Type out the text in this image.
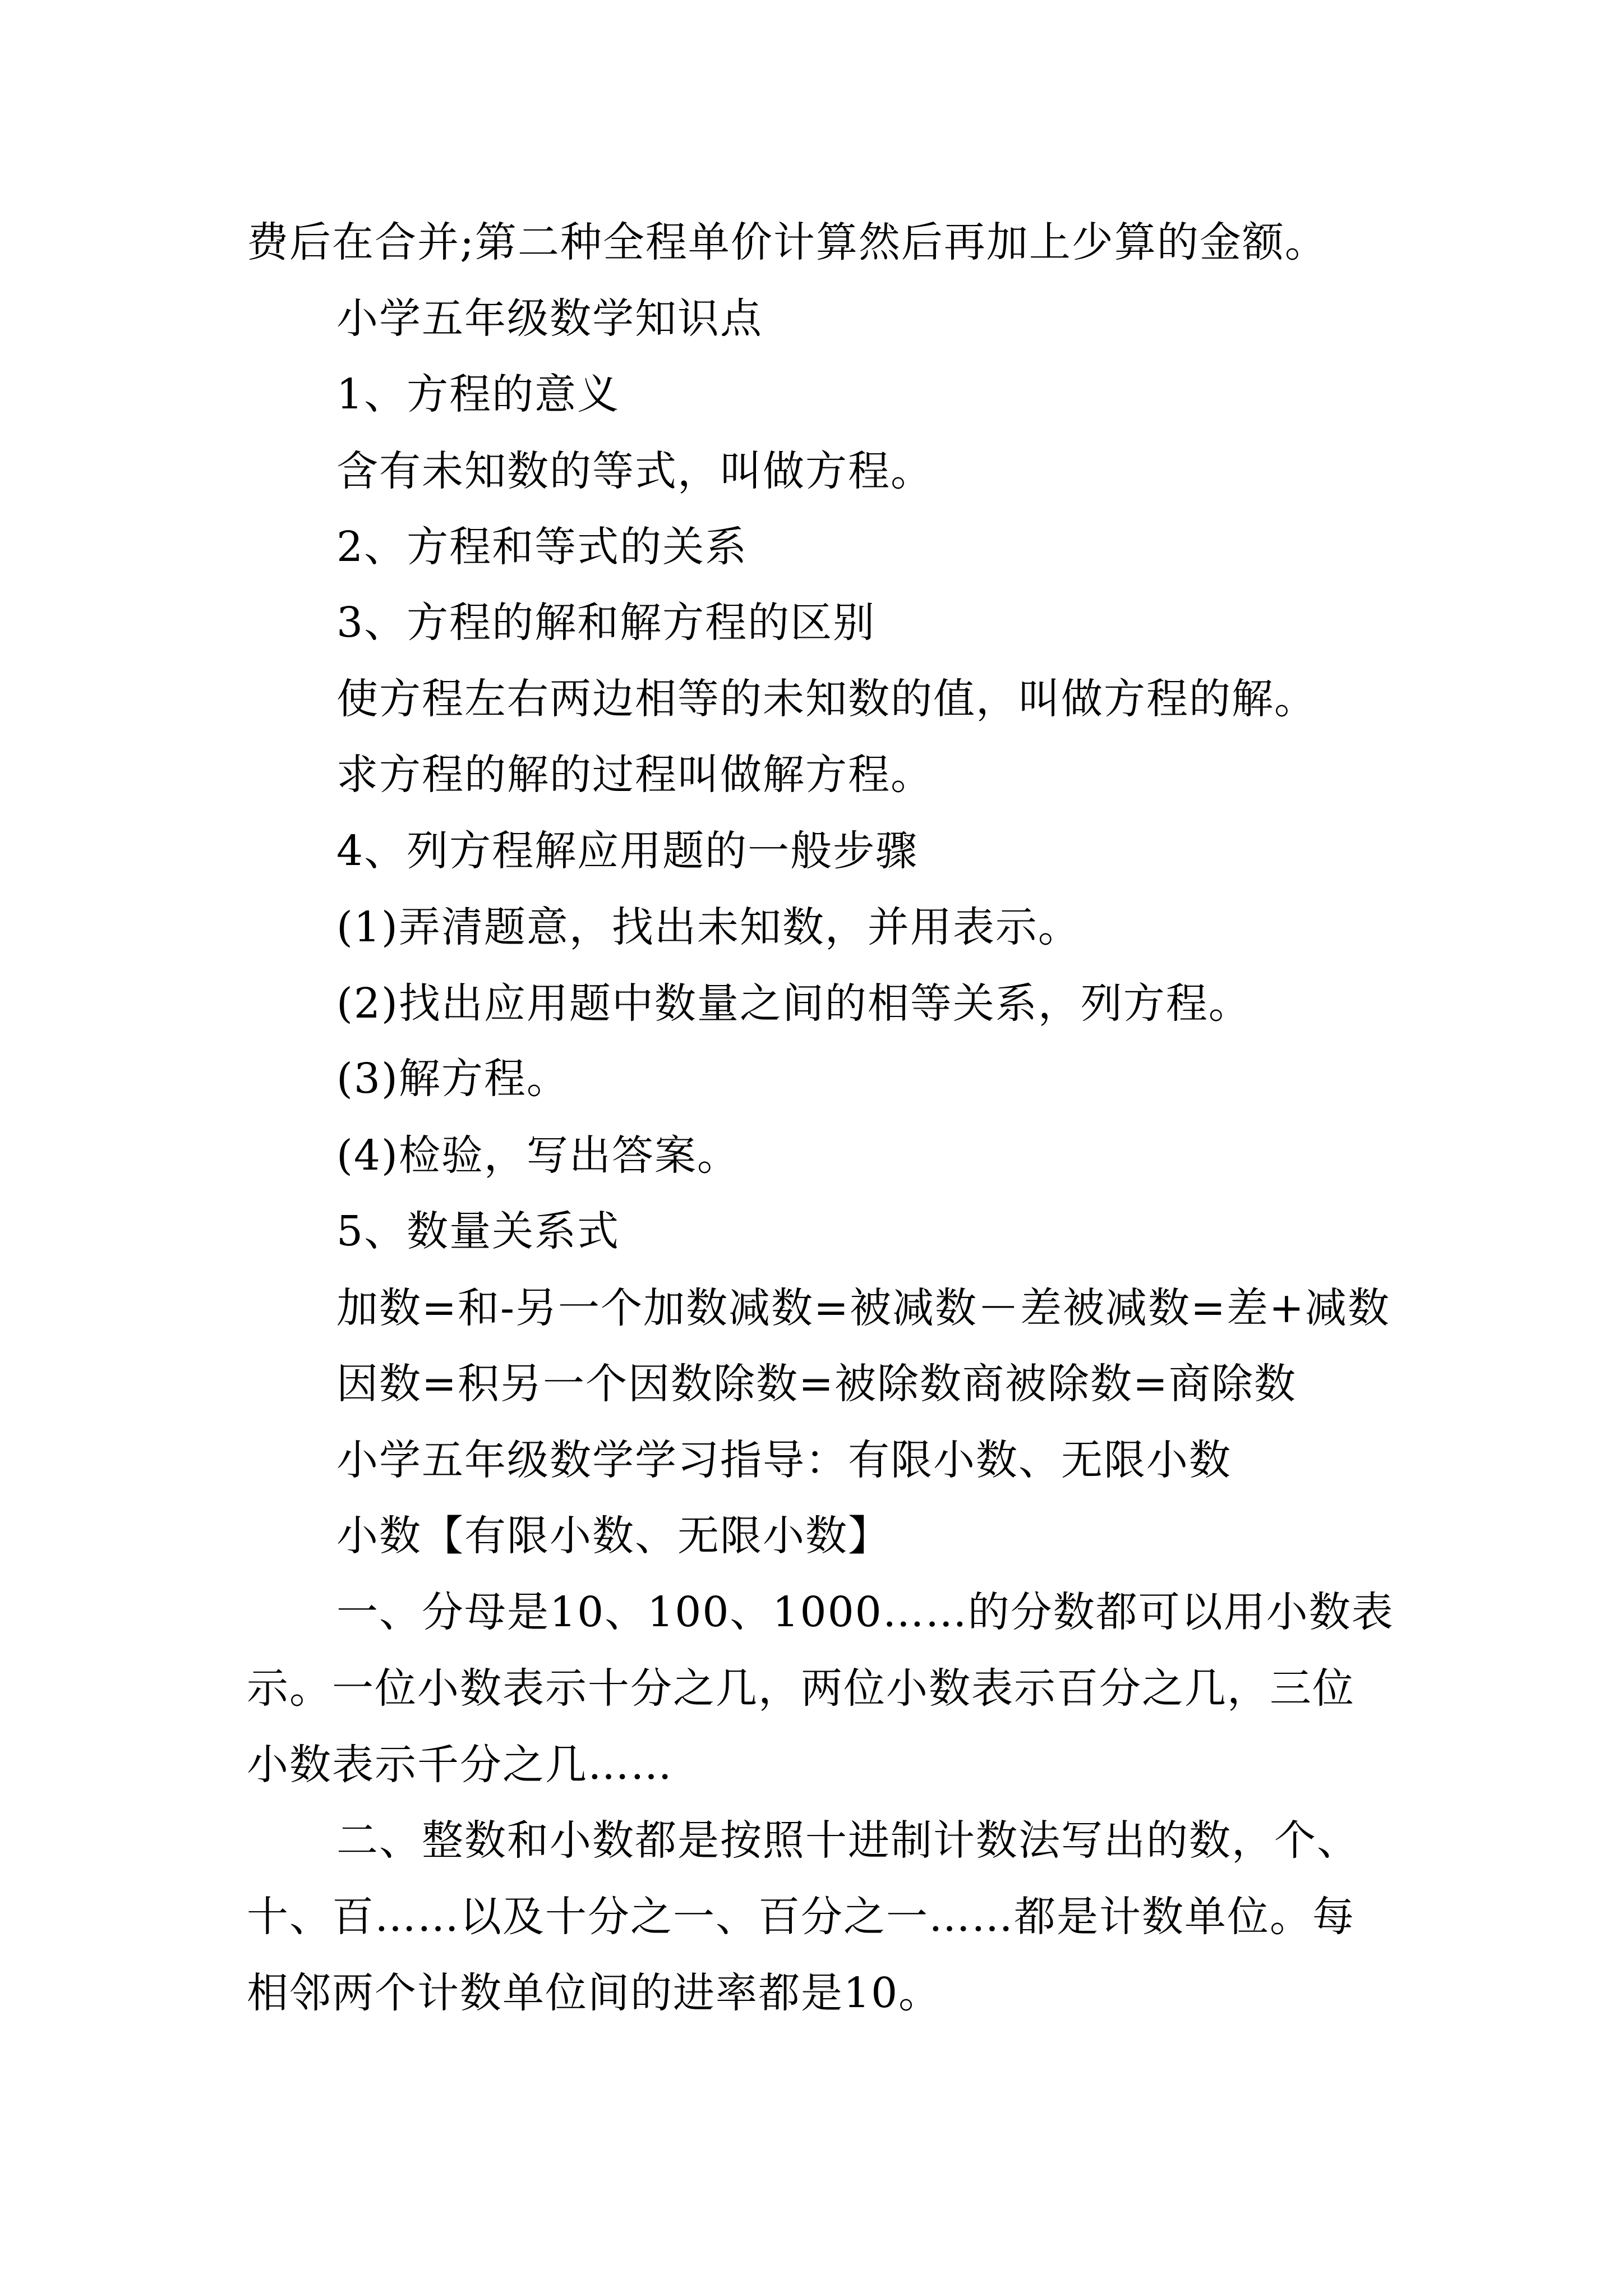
费后在合并;第二种全程单价计算然后再加上少算的金额。
小学五年级数学知识点
1、方程的意义
含有未知数的等式，叫做方程。
2、方程和等式的关系
3、方程的解和解方程的区别
使方程左右两边相等的未知数的值，叫做方程的解。
求方程的解的过程叫做解方程。
4、列方程解应用题的一般步骤
(1)弄清题意，找出未知数，并用表示。
(2)找出应用题中数量之间的相等关系，列方程。
(3)解方程。
(4)检验，写出答案。
5、数量关系式
加数=和-另一个加数减数=被减数－差被减数=差+减数
因数=积另一个因数除数=被除数商被除数=商除数
小学五年级数学学习指导：有限小数、无限小数
小数【有限小数、无限小数】
一、分母是10、100、1000……的分数都可以用小数表
示。一位小数表示十分之几，两位小数表示百分之几，三位
小数表示千分之几……
二、整数和小数都是按照十进制计数法写出的数，个、
十、百……以及十分之一、百分之一……都是计数单位。每
相邻两个计数单位间的进率都是10。
